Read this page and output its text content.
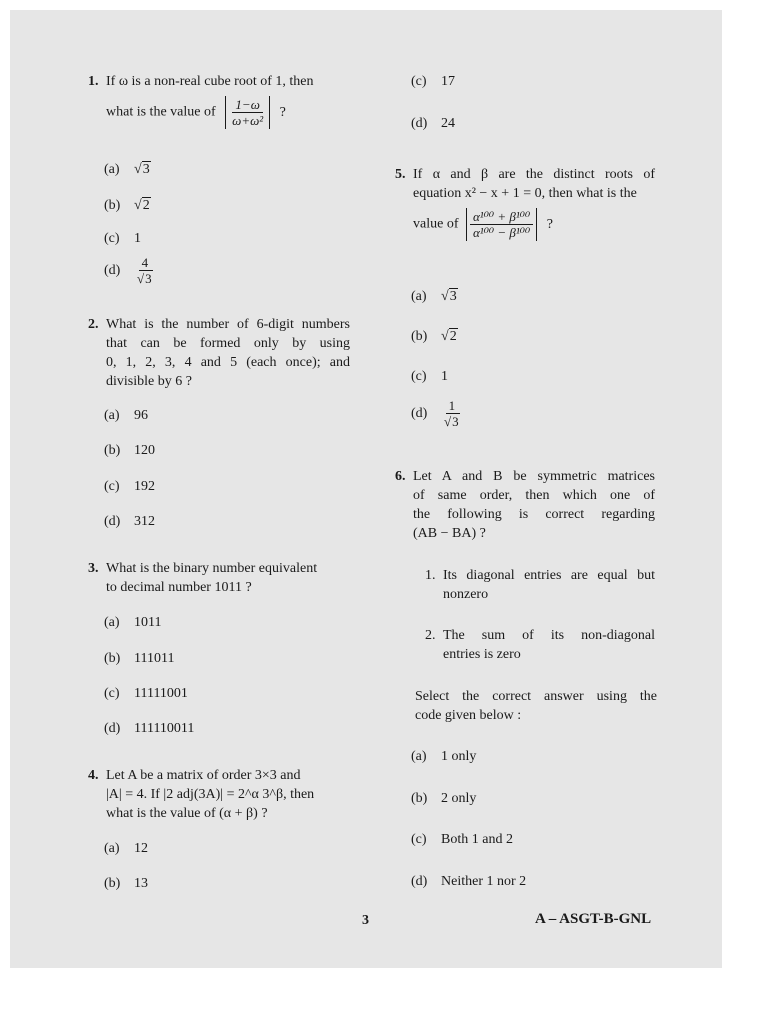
1. If ω is a non-real cube root of 1, then
what is the value of $\frac{1-\omega}{\text{ω+ω²}}$ ?
(a) √3
(b) √2
(c) 1
$(d) \frac{4}{√3}$
2. What is the number of 6-digit numbers
that can be formed only by using
0, 1, 2, 3, 4 and 5 (each once); and
divisible by 6 ?
(a) 96
(b) 120
(c) 192
(d) 312
3. What is the binary number equivalent
to decimal number 1011 ?
(a) 1011
(b) 111011
(c) 11111001
(d) 111110011
4. Let A be a matrix of order 3×3 and
|A| = 4. If |2 adj(3A)| = 2^α 3^β, then
what is the value of (α + β) ?
(a) 12
(b) 13
(c) 17
(d) 24
5. If α and β are the distinct roots of
equation x² − x + 1 = 0, then what is the
value of $\frac{\text{α¹⁰⁰ + β¹⁰⁰}}{\text{α¹⁰⁰ − β¹⁰⁰}}$ ?
(a) √3
(b) √2
(c) 1
$(d) \frac{1}{√3}$
6. Let A and B be symmetric matrices
of same order, then which one of
the following is correct regarding
(AB − BA) ?
1. Its diagonal entries are equal but
nonzero
2. The sum of its non-diagonal
entries is zero
Select the correct answer using the
code given below :
(a) 1 only
(b) 2 only
(c) Both 1 and 2
(d) Neither 1 nor 2
3	A – ASGT-B-GNL
